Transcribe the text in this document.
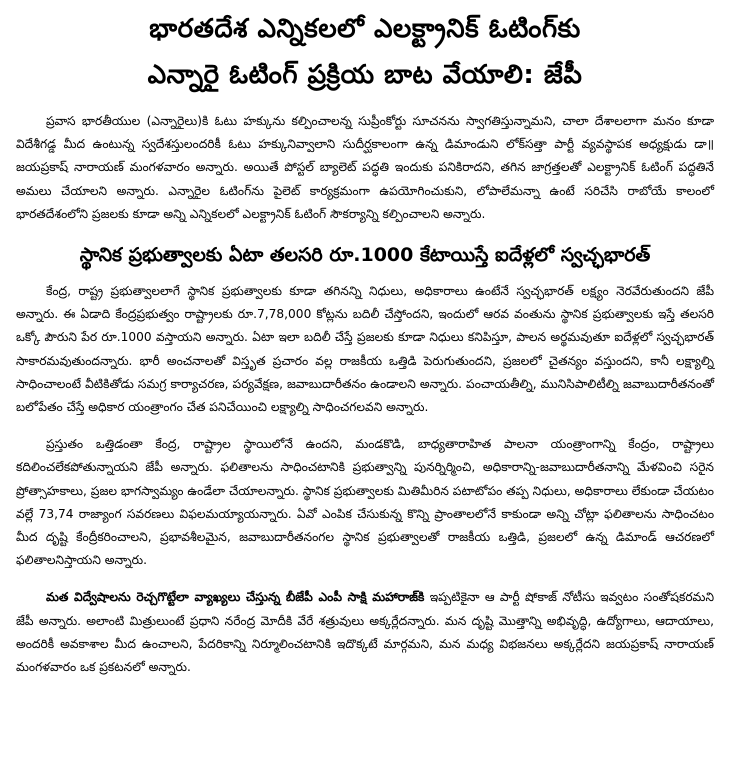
భారతదేశ ఎన్నికలలో ఎలక్ట్రానిక్ ఓటింగ్‌కు
ఎన్నారై ఓటింగ్ ప్రక్రియ బాట వేయాలి: జేపీ

ప్రవాస భారతీయుల (ఎన్నారైలు)కి ఓటు హక్కును కల్పించాలన్న సుప్రీంకోర్టు సూచనను స్వాగతిస్తున్నామని, చాలా దేశాలలాగా మనం కూడా విదేశీగడ్డ మీద ఉంటున్న స్వదేశస్తులందరికీ ఓటు హక్కునివ్వాలాని సుదీర్ఘకాలంగా ఉన్న డిమాండుని లోక్‌సత్తా పార్టీ వ్యవస్థాపక అధ్యక్షుడు డా॥ జయప్రకాష్ నారాయణ్ మంగళవారం అన్నారు. అయితే పోస్టల్ బ్యాలెట్ పద్ధతి ఇందుకు పనికిరాదని, తగిన జాగ్రత్తలతో ఎలక్ట్రానిక్ ఓటింగ్ పద్ధతినే అమలు చేయాలని అన్నారు. ఎన్నారైల ఓటింగ్‌ను పైలెట్ కార్యక్రమంగా ఉపయోగించుకుని, లోపాలేమన్నా ఉంటే సరిచేసి రాబోయే కాలంలో భారతదేశంలోని ప్రజలకు కూడా అన్ని ఎన్నికలలో ఎలక్ట్రానిక్ ఓటింగ్ సౌకర్యాన్ని కల్పించాలని అన్నారు.

స్థానిక ప్రభుత్వాలకు ఏటా తలసరి రూ.1000 కేటాయిస్తే ఐదేళ్లలో స్వచ్ఛభారత్

కేంద్ర, రాష్ట్ర ప్రభుత్వాలలాగే స్థానిక ప్రభుత్వాలకు కూడా తగినన్ని నిధులు, అధికారాలు ఉంటేనే స్వచ్ఛభారత్ లక్ష్యం నెరవేరుతుందని జేపీ అన్నారు. ఈ ఏడాది కేంద్రప్రభుత్వం రాష్ట్రాలకు రూ.7,78,000 కోట్లను బదిలీ చేస్తోందని, ఇందులో ఆరవ వంతును స్థానిక ప్రభుత్వాలకు ఇస్తే తలసరి ఒక్కో పౌరుని పేర రూ.1000 వస్తాయని అన్నారు. ఏటా ఇలా బదిలీ చేస్తే ప్రజలకు కూడా నిధులు కనిపిస్తూ, పాలన అర్థమవుతూ ఐదేళ్లలో స్వచ్ఛభారత్ సాకారమవుతుందన్నారు. భారీ అంచనాలతో విస్తృత ప్రచారం వల్ల రాజకీయ ఒత్తిడి పెరుగుతుందని, ప్రజలలో చైతన్యం వస్తుందని, కానీ లక్ష్యాల్ని సాధించాలంటే వీటికితోడు సమగ్ర కార్యాచరణ, పర్యవేక్షణ, జవాబుదారీతనం ఉండాలని అన్నారు. పంచాయతీల్ని, మునిసిపాలిటీల్ని జవాబుదారీతనంతో బలోపేతం చేస్తే అధికార యంత్రాంగం చేత పనిచేయించి లక్ష్యాల్ని సాధించగలవని అన్నారు.

ప్రస్తుతం ఒత్తిడంతా కేంద్ర, రాష్ట్రాల స్థాయిలోనే ఉందని, మండకొడి, బాధ్యతారాహిత పాలనా యంత్రాంగాన్ని కేంద్రం, రాష్ట్రాలు కదిలించలేకపోతున్నాయని జేపీ అన్నారు. ఫలితాలను సాధించటానికి ప్రభుత్వాన్ని పునర్నిర్మించి, అధికారాన్ని-జవాబుదారీతనాన్ని మేళవించి సరైన ప్రోత్సాహకాలు, ప్రజల భాగస్వామ్యం ఉండేలా చేయాలన్నారు. స్థానిక ప్రభుత్వాలకు మితిమీరిన పటాటోపం తప్ప నిధులు, అధికారాలు లేకుండా చేయటం వల్లే 73,74 రాజ్యాంగ సవరణలు విఫలమయ్యాయన్నారు. ఏవో ఎంపిక చేసుకున్న కొన్ని ప్రాంతాలలోనే కాకుండా అన్ని చోట్లా ఫలితాలను సాధించటం మీద దృష్టి కేంద్రీకరించాలని, ప్రభావశీలమైన, జవాబుదారీతనంగల స్థానిక ప్రభుత్వాలతో రాజకీయ ఒత్తిడి, ప్రజలలో ఉన్న డిమాండ్ ఆచరణలో ఫలితాలనిస్తాయని అన్నారు.

మత విద్వేషాలను రెచ్చగొట్టేలా వ్యాఖ్యలు చేస్తున్న బీజేపీ ఎంపీ సాక్షి మహారాజ్‌కి ఇప్పటికైనా ఆ పార్టీ షోకాజ్ నోటీసు ఇవ్వటం సంతోషకరమని జేపీ అన్నారు. అలాంటి మిత్రులుంటే ప్రధాని నరేంద్ర మోదీకి వేరే శత్రువులు అక్కర్లేదన్నారు. మన దృష్టి మొత్తాన్ని అభివృద్ధి, ఉద్యోగాలు, ఆదాయాలు, అందరికీ అవకాశాల మీద ఉంచాలని, పేదరికాన్ని నిర్మూలించటానికి ఇదొక్కటే మార్గమని, మన మధ్య విభజనలు అక్కర్లేదని జయప్రకాష్ నారాయణ్ మంగళవారం ఒక ప్రకటనలో అన్నారు.
